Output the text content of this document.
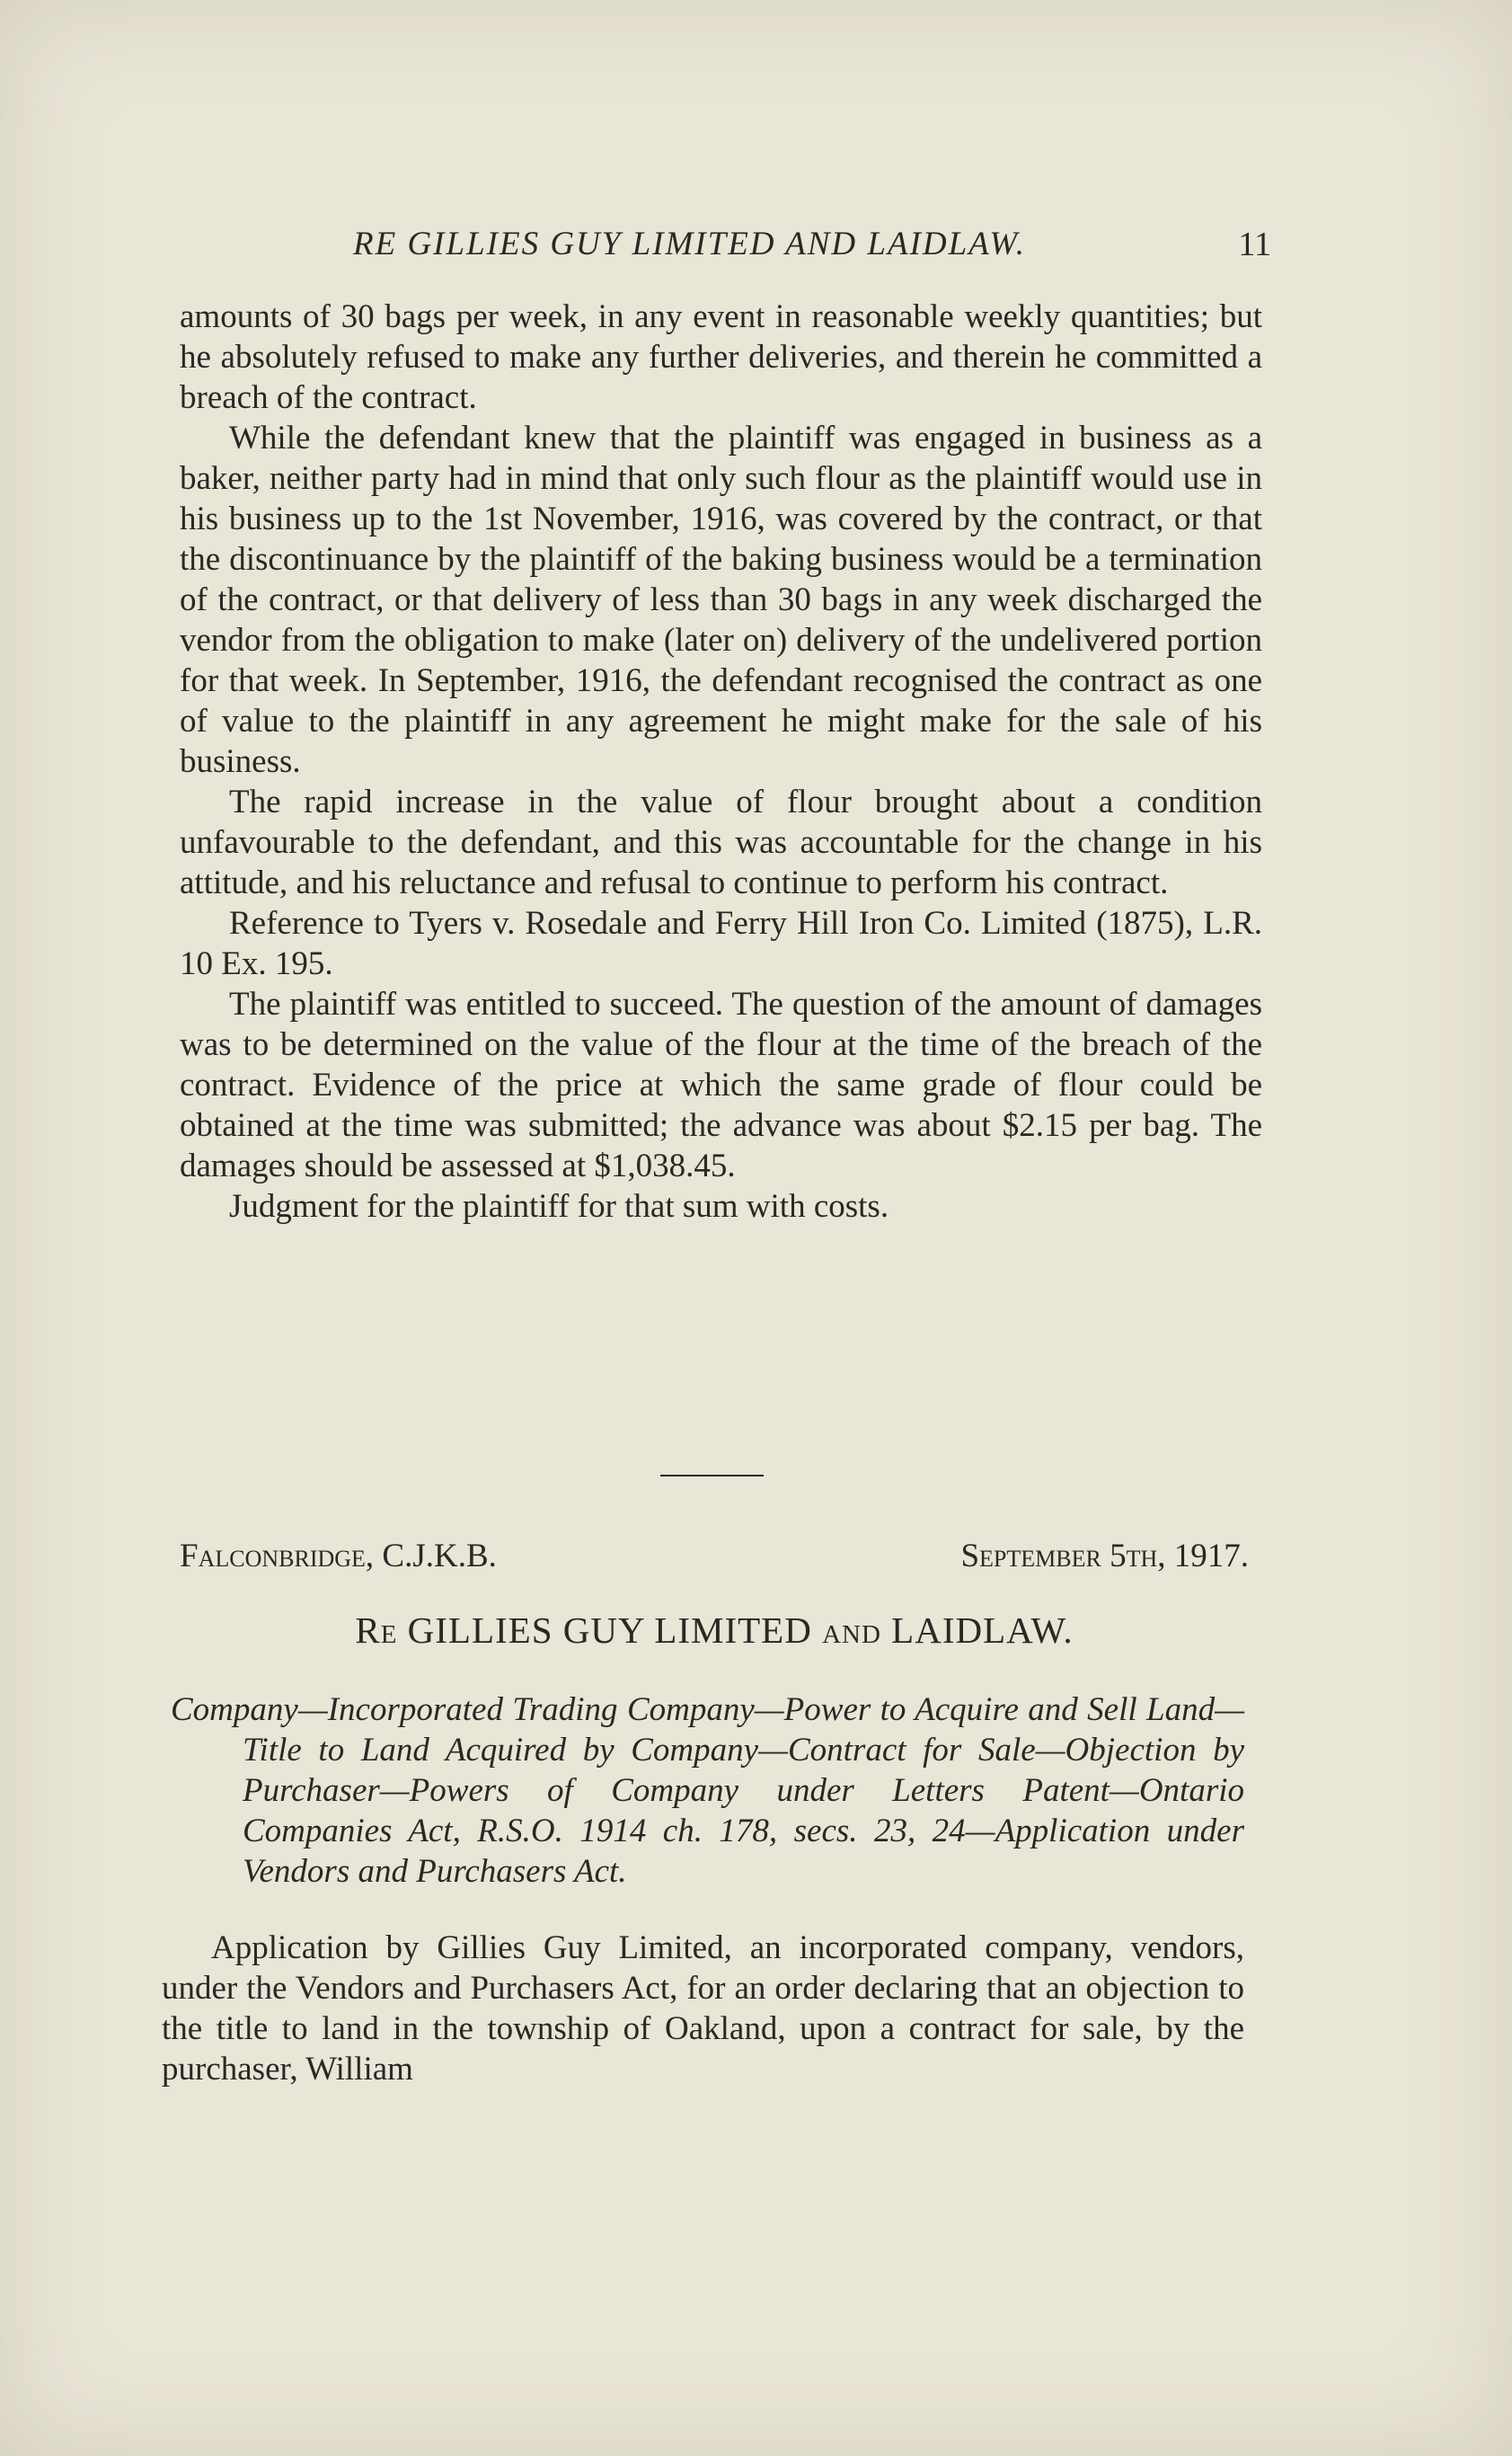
RE GILLIES GUY LIMITED AND LAIDLAW.	11

amounts of 30 bags per week, in any event in reasonable weekly quantities; but he absolutely refused to make any further deliveries, and therein he committed a breach of the contract.

While the defendant knew that the plaintiff was engaged in business as a baker, neither party had in mind that only such flour as the plaintiff would use in his business up to the 1st November, 1916, was covered by the contract, or that the discontinuance by the plaintiff of the baking business would be a termination of the contract, or that delivery of less than 30 bags in any week discharged the vendor from the obligation to make (later on) delivery of the undelivered portion for that week. In September, 1916, the defendant recognised the contract as one of value to the plaintiff in any agreement he might make for the sale of his business.

The rapid increase in the value of flour brought about a condition unfavourable to the defendant, and this was accountable for the change in his attitude, and his reluctance and refusal to continue to perform his contract.

Reference to Tyers v. Rosedale and Ferry Hill Iron Co. Limited (1875), L.R. 10 Ex. 195.

The plaintiff was entitled to succeed. The question of the amount of damages was to be determined on the value of the flour at the time of the breach of the contract. Evidence of the price at which the same grade of flour could be obtained at the time was submitted; the advance was about $2.15 per bag. The damages should be assessed at $1,038.45.

Judgment for the plaintiff for that sum with costs.

Falconbridge, C.J.K.B.	September 5th, 1917.
Re GILLIES GUY LIMITED and LAIDLAW.
Company—Incorporated Trading Company—Power to Acquire and Sell Land—Title to Land Acquired by Company—Contract for Sale—Objection by Purchaser—Powers of Company under Letters Patent—Ontario Companies Act, R.S.O. 1914 ch. 178, secs. 23, 24—Application under Vendors and Purchasers Act.

Application by Gillies Guy Limited, an incorporated company, vendors, under the Vendors and Purchasers Act, for an order declaring that an objection to the title to land in the township of Oakland, upon a contract for sale, by the purchaser, William
